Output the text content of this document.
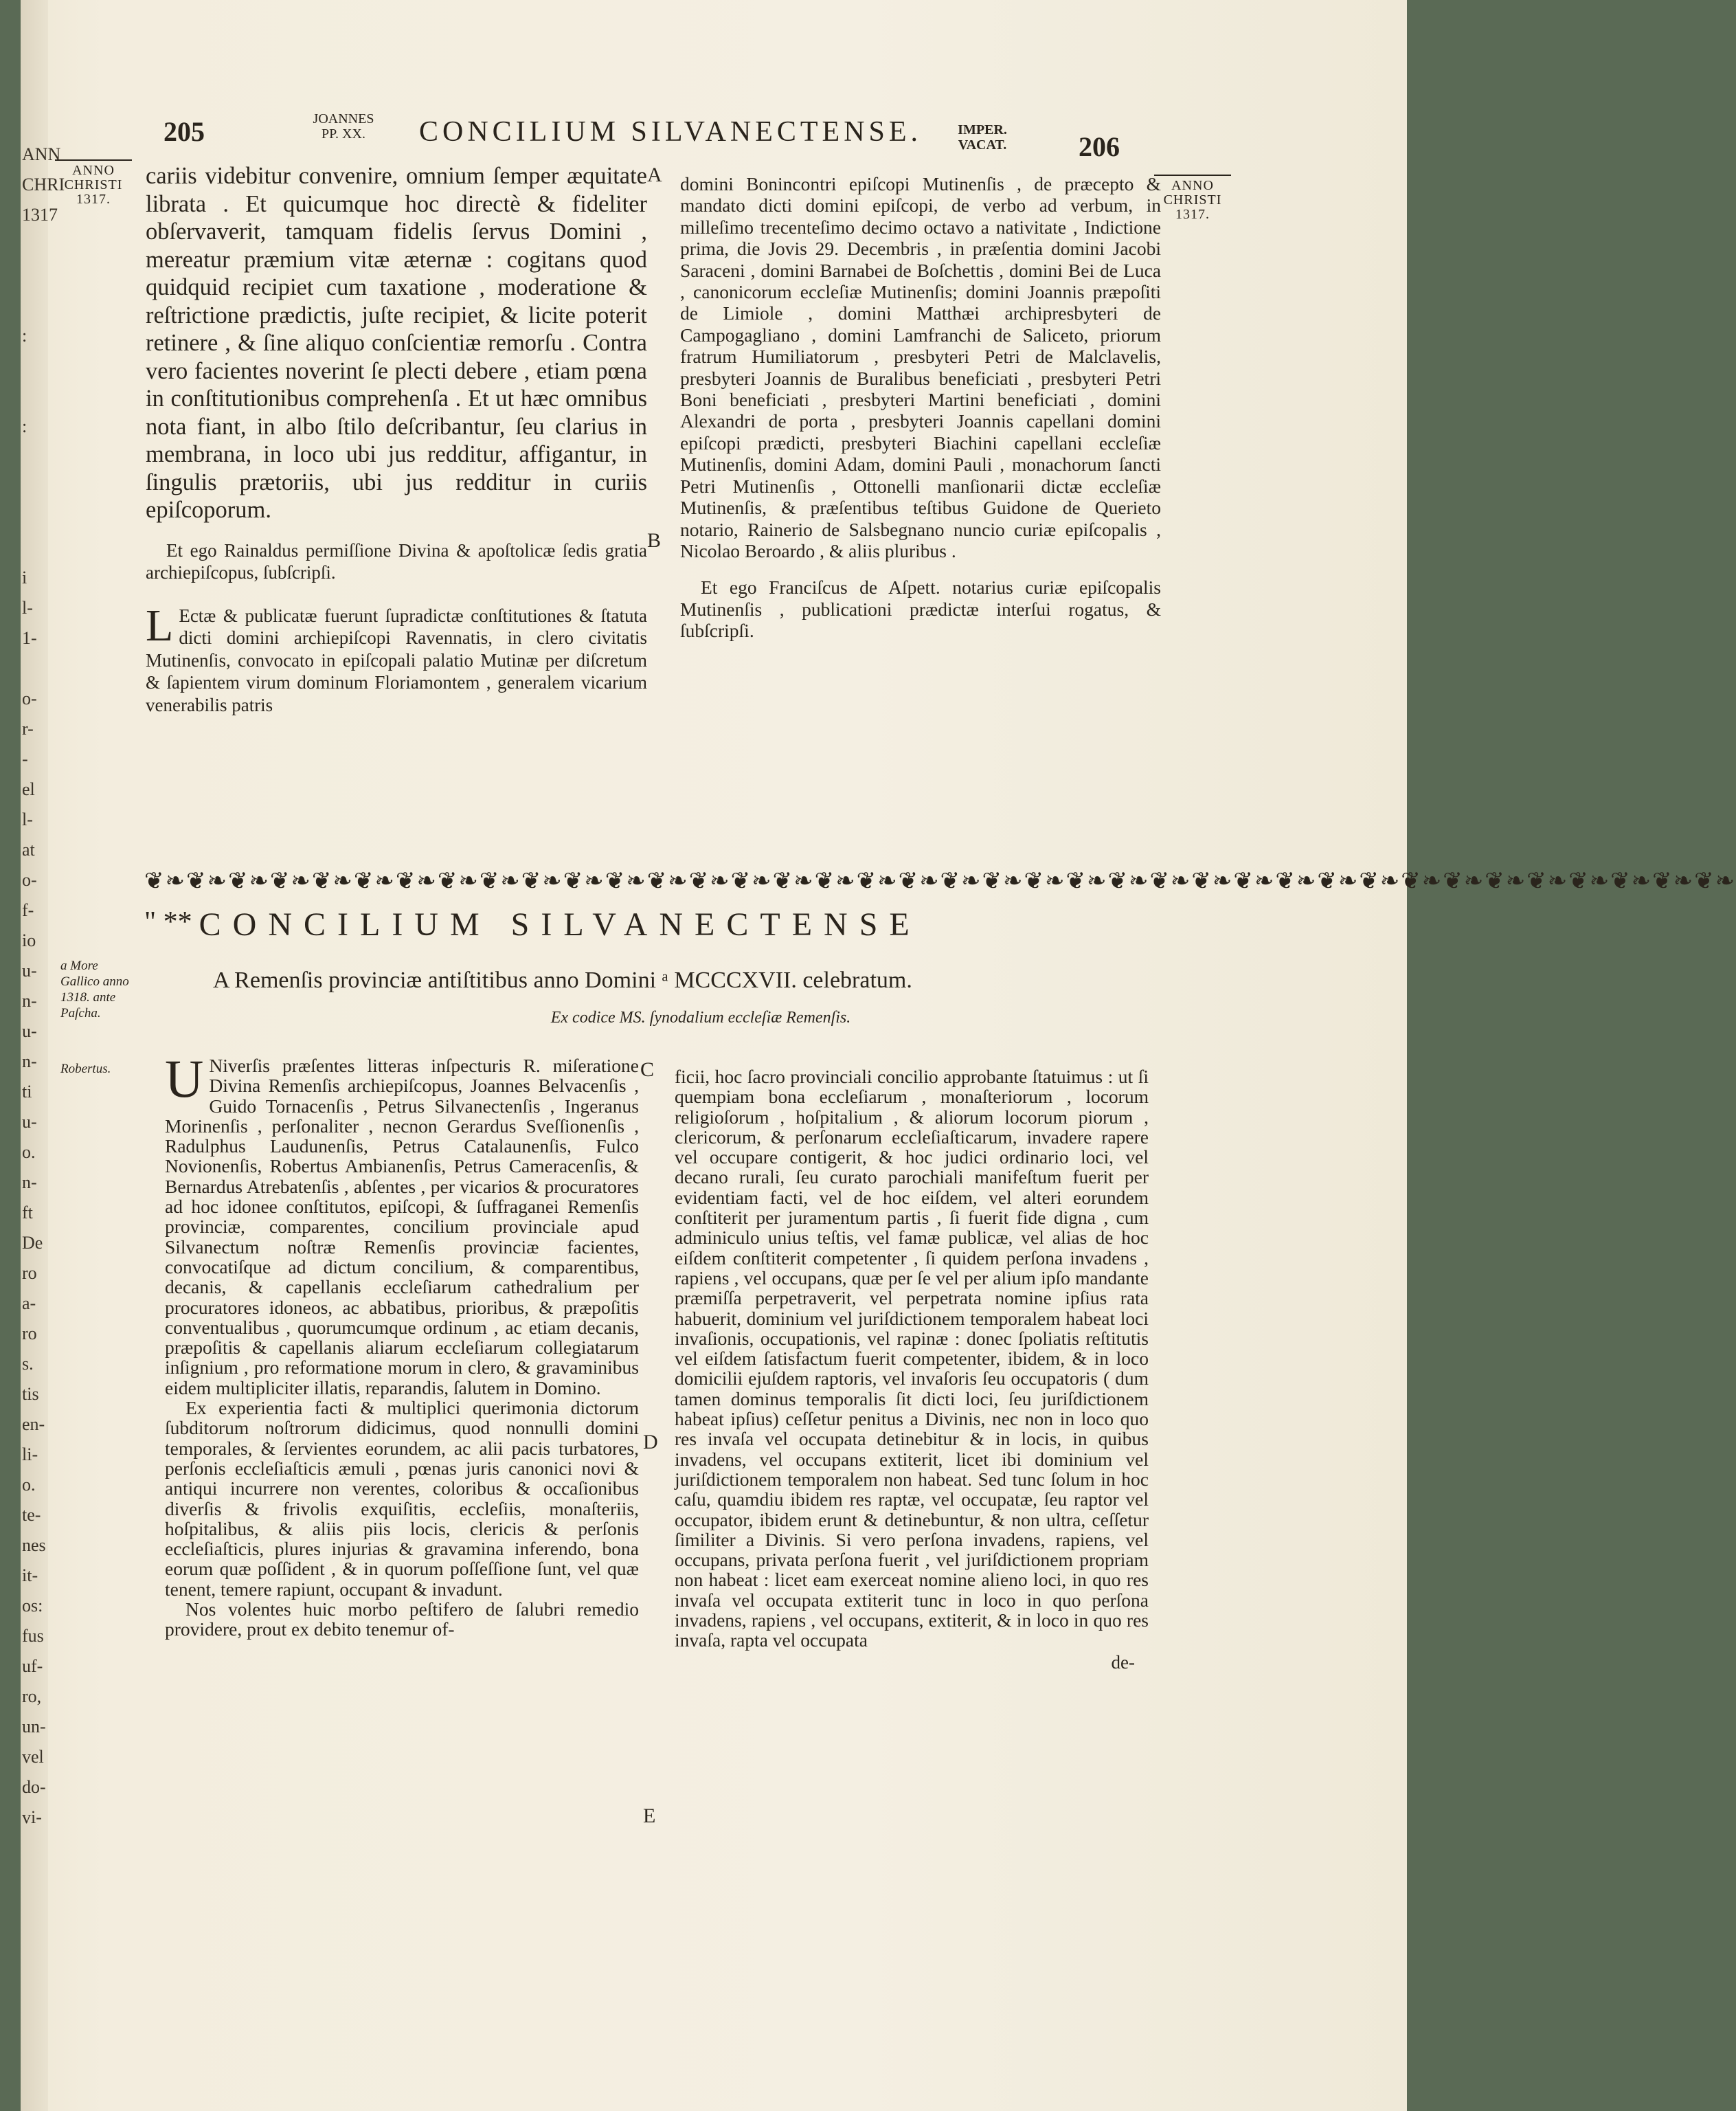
ANN
CHRI
1317
:
:
i
l-
1-
o-
r-
-
el
l-
at
o-
f-
io
u-
n-
u-
n-
ti
u-
o.
n-
ft
De
ro
a-
ro
s.
tis
en-
li-
o.
te-
nes
it-
os:
fus
uf-
ro,
un-
vel
do-
vi-
205	JOANNES
PP. XX.	CONCILIUM SILVANECTENSE.	IMPER.
VACAT.	206
ANNO
CHRISTI
1317.
ANNO
CHRISTI
1317.

cariis videbitur convenire, omnium ſemper æquitate librata . Et quicumque hoc directè & fideliter obſervaverit, tamquam fidelis ſervus Domini , mereatur præmium vitæ æternæ : cogitans quod quidquid recipiet cum taxatione , moderatione & reſtrictione prædictis, juſte recipiet, & licite poterit retinere , & ſine aliquo conſcientiæ remorſu . Contra vero facientes noverint ſe plecti debere , etiam pœna in conſtitutionibus comprehenſa . Et ut hæc omnibus nota fiant, in albo ſtilo deſcribantur, ſeu clarius in membrana, in loco ubi jus redditur, affigantur, in ſingulis prætoriis, ubi jus redditur in curiis epiſcoporum.

Et ego Rainaldus permiſſione Divina & apoſtolicæ ſedis gratia archiepiſcopus, ſubſcripſi.

L Ectæ & publicatæ fuerunt ſupradictæ conſtitutiones & ſtatuta dicti domini archiepiſcopi Ravennatis, in clero civitatis Mutinenſis, convocato in epiſcopali palatio Mutinæ per diſcretum & ſapientem virum dominum Floriamontem , generalem vicarium venerabilis patris

domini Bonincontri epiſcopi Mutinenſis , de præcepto & mandato dicti domini epiſcopi, de verbo ad verbum, in milleſimo trecenteſimo decimo octavo a nativitate , Indictione prima, die Jovis 29. Decembris , in præſentia domini Jacobi Saraceni , domini Barnabei de Boſchettis , domini Bei de Luca , canonicorum eccleſiæ Mutinenſis; domini Joannis præpoſiti de Limiole , domini Matthæi archipresbyteri de Campogagliano , domini Lamfranchi de Saliceto, priorum fratrum Humiliatorum , presbyteri Petri de Malclavelis, presbyteri Joannis de Buralibus beneficiati , presbyteri Petri Boni beneficiati , presbyteri Martini beneficiati , domini Alexandri de porta , presbyteri Joannis capellani domini epiſcopi prædicti, presbyteri Biachini capellani eccleſiæ Mutinenſis, domini Adam, domini Pauli , monachorum ſancti Petri Mutinenſis , Ottonelli manſionarii dictæ eccleſiæ Mutinenſis, & præſentibus teſtibus Guidone de Querieto notario, Rainerio de Salsbegnano nuncio curiæ epiſcopalis , Nicolao Beroardo , & aliis pluribus .

Et ego Franciſcus de Aſpett. notarius curiæ epiſcopalis Mutinenſis , publicationi prædictæ interſui rogatus, & ſubſcripſi.

A
B
C
D
E
❦❧❦❧❦❧❦❧❦❧❦❧❦❧❦❧❦❧❦❧❦❧❦❧❦❧❦❧❦❧❦❧❦❧❦❧❦❧❦❧❦❧❦❧❦❧❦❧❦❧❦❧❦❧❦❧❦❧❦❧❦❧❦❧❦❧❦❧❦❧❦❧❦❧❦❧
" ** CONCILIUM SILVANECTENSE
A Remenſis provinciæ antiſtitibus anno Domini ᵃ MCCCXVII. celebratum.
Ex codice MS. ſynodalium eccleſiæ Remenſis.
a More Gallico anno 1318. ante Paſcha.
Robertus.	U Niverſis præſentes litteras inſpecturis R. miſeratione Divina Remenſis archiepiſcopus, Joannes Belvacenſis , Guido Tornacenſis , Petrus Silvanectenſis , Ingeranus Morinenſis , perſonaliter , necnon Gerardus Sveſſionenſis , Radulphus Laudunenſis, Petrus Catalaunenſis, Fulco Novionenſis, Robertus Ambianenſis, Petrus Cameracenſis, & Bernardus Atrebatenſis , abſentes , per vicarios & procuratores ad hoc idonee conſtitutos, epiſcopi, & ſuffraganei Remenſis provinciæ, comparentes, concilium provinciale apud Silvanectum noſtræ Remenſis provinciæ facientes, convocatiſque ad dictum concilium, & comparentibus, decanis, & capellanis eccleſiarum cathedralium per procuratores idoneos, ac abbatibus, prioribus, & præpoſitis conventualibus , quorumcumque ordinum , ac etiam decanis, præpoſitis & capellanis aliarum eccleſiarum collegiatarum inſignium , pro reformatione morum in clero, & gravaminibus eidem multipliciter illatis, reparandis, ſalutem in Domino.

Ex experientia facti & multiplici querimonia dictorum ſubditorum noſtrorum didicimus, quod nonnulli domini temporales, & ſervientes eorundem, ac alii pacis turbatores, perſonis eccleſiaſticis æmuli , pœnas juris canonici novi & antiqui incurrere non verentes, coloribus & occaſionibus diverſis & frivolis exquiſitis, eccleſiis, monaſteriis, hoſpitalibus, & aliis piis locis, clericis & perſonis eccleſiaſticis, plures injurias & gravamina inferendo, bona eorum quæ poſſident , & in quorum poſſeſſione ſunt, vel quæ tenent, temere rapiunt, occupant & invadunt.

Nos volentes huic morbo peſtifero de ſalubri remedio providere, prout ex debito tenemur of-

ficii, hoc ſacro provinciali concilio approbante ſtatuimus : ut ſi quempiam bona eccleſiarum , monaſteriorum , locorum religioſorum , hoſpitalium , & aliorum locorum piorum , clericorum, & perſonarum eccleſiaſticarum, invadere rapere vel occupare contigerit, & hoc judici ordinario loci, vel decano rurali, ſeu curato parochiali manifeſtum fuerit per evidentiam facti, vel de hoc eiſdem, vel alteri eorundem conſtiterit per juramentum partis , ſi fuerit fide digna , cum adminiculo unius teſtis, vel famæ publicæ, vel alias de hoc eiſdem conſtiterit competenter , ſi quidem perſona invadens , rapiens , vel occupans, quæ per ſe vel per alium ipſo mandante præmiſſa perpetraverit, vel perpetrata nomine ipſius rata habuerit, dominium vel juriſdictionem temporalem habeat loci invaſionis, occupationis, vel rapinæ : donec ſpoliatis reſtitutis vel eiſdem ſatisfactum fuerit competenter, ibidem, & in loco domicilii ejuſdem raptoris, vel invaſoris ſeu occupatoris ( dum tamen dominus temporalis ſit dicti loci, ſeu juriſdictionem habeat ipſius) ceſſetur penitus a Divinis, nec non in loco quo res invaſa vel occupata detinebitur & in locis, in quibus invadens, vel occupans extiterit, licet ibi dominium vel juriſdictionem temporalem non habeat. Sed tunc ſolum in hoc caſu, quamdiu ibidem res raptæ, vel occupatæ, ſeu raptor vel occupator, ibidem erunt & detinebuntur, & non ultra, ceſſetur ſimiliter a Divinis. Si vero perſona invadens, rapiens, vel occupans, privata perſona fuerit , vel juriſdictionem propriam non habeat : licet eam exerceat nomine alieno loci, in quo res invaſa vel occupata extiterit tunc in loco in quo perſona invadens, rapiens , vel occupans, extiterit, & in loco in quo res invaſa, rapta vel occupata

de-
